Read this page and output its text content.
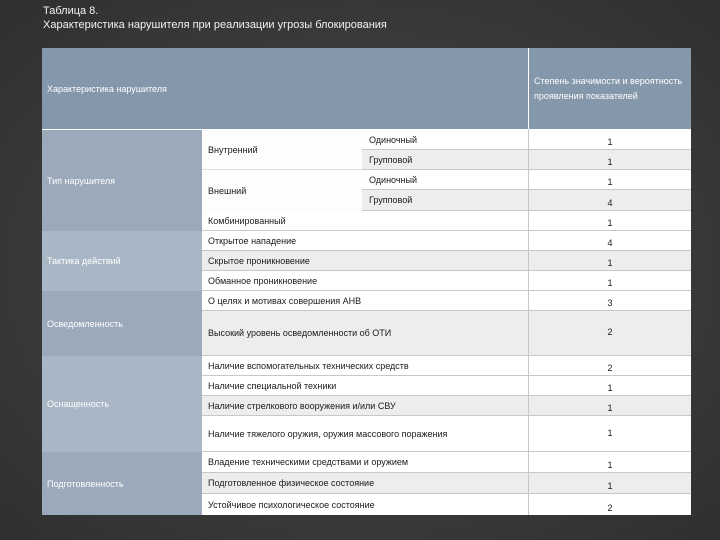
Таблица 8.
Характеристика нарушителя при реализации угрозы блокирования
Характеристика нарушителя
Степень значимости и вероятность проявления показателей
Тип нарушителя
Тактика действий
Осведомленность
Оснащенность
Подготовленность
Внутренний
Внешний
Одиночный
Групповой
Одиночный
Групповой
Комбинированный
Открытое нападение
Скрытое проникновение
Обманное проникновение
О целях и мотивах совершения АНВ
Высокий уровень осведомленности об ОТИ
Наличие вспомогательных технических средств
Наличие специальной техники
Наличие стрелкового вооружения и/или СВУ
Наличие тяжелого оружия, оружия массового поражения
Владение техническими средствами и оружием
Подготовленное физическое состояние
Устойчивое психологическое состояние
1
1
1
4
1
4
1
1
3
2
2
1
1
1
1
1
2
